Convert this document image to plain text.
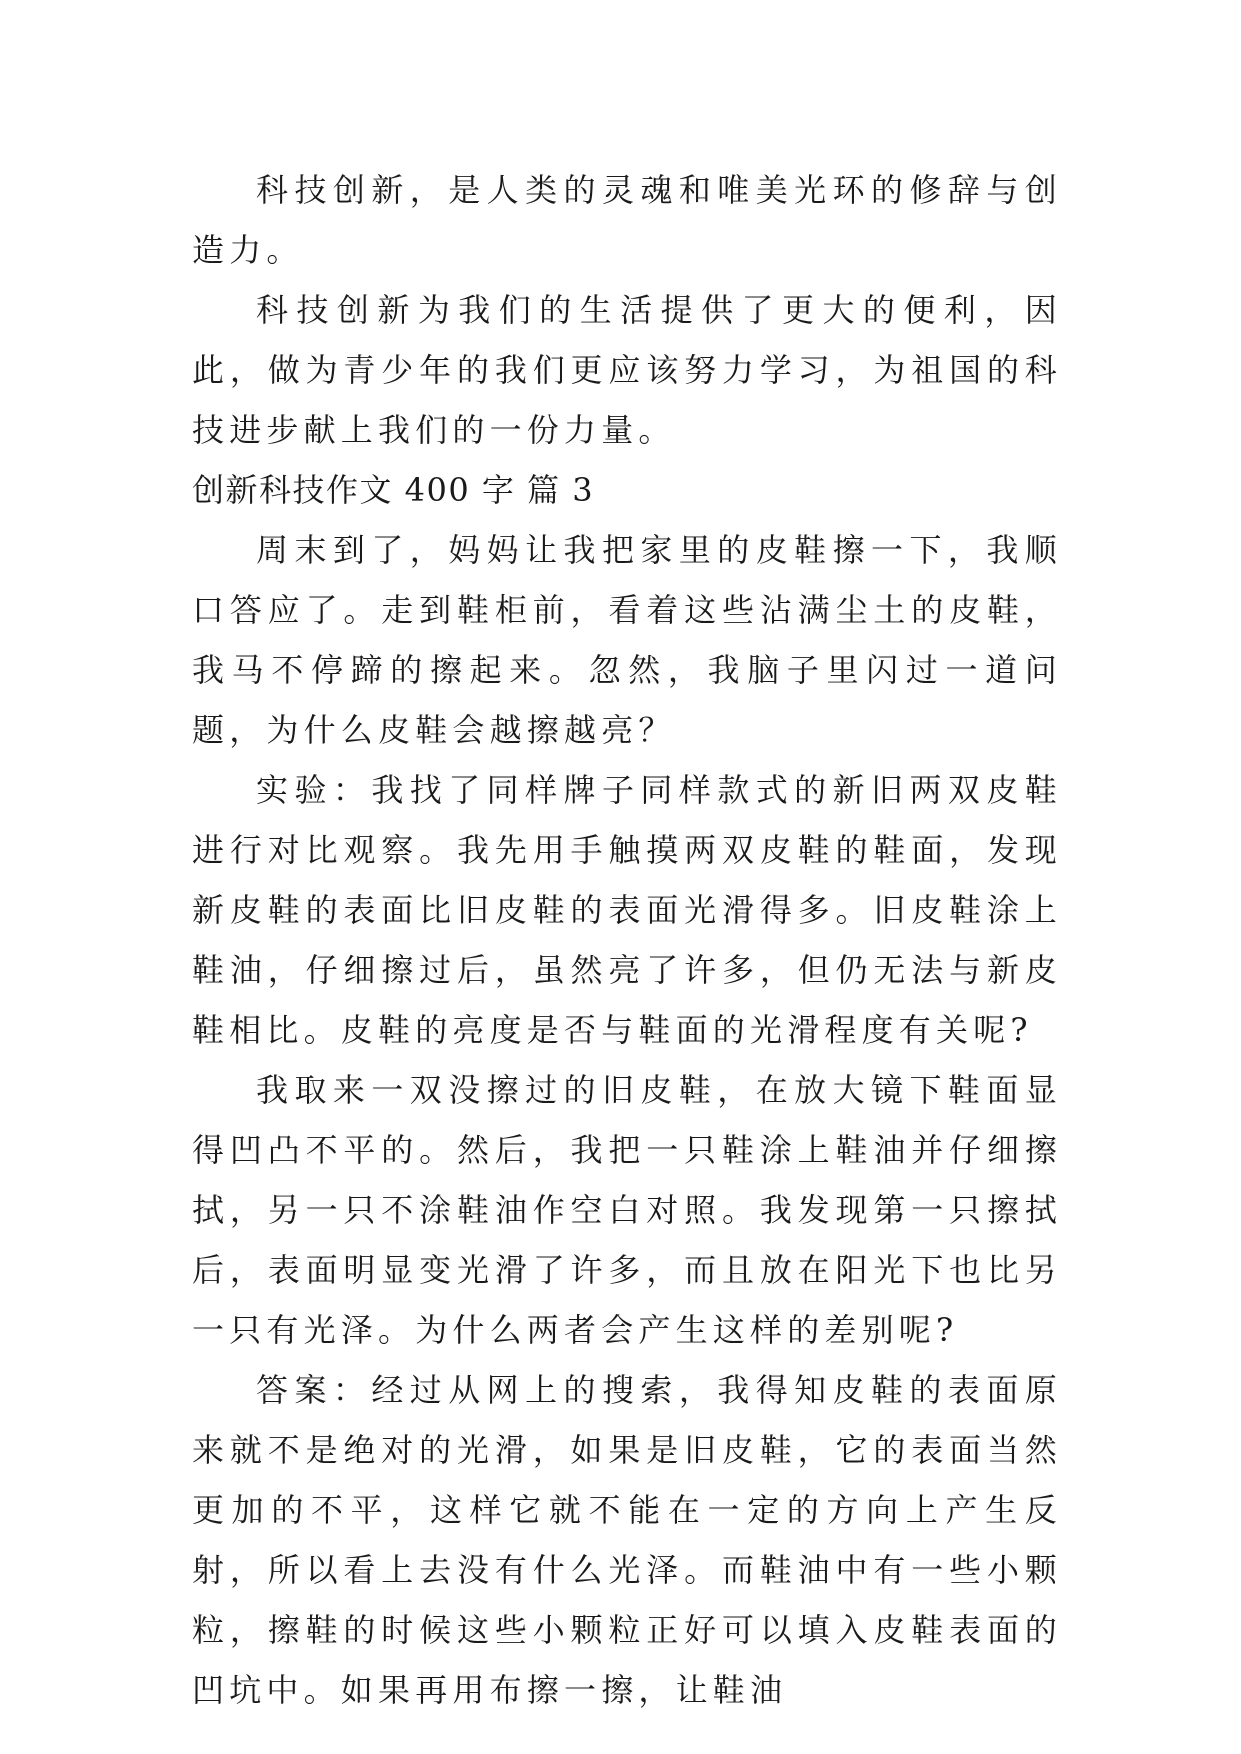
科技创新，是人类的灵魂和唯美光环的修辞与创造力。

科技创新为我们的生活提供了更大的便利，因此，做为青少年的我们更应该努力学习，为祖国的科技进步献上我们的一份力量。

创新科技作文 400 字 篇 3

周末到了，妈妈让我把家里的皮鞋擦一下，我顺口答应了。走到鞋柜前，看着这些沾满尘土的皮鞋，我马不停蹄的擦起来。忽然，我脑子里闪过一道问题，为什么皮鞋会越擦越亮？

实验：我找了同样牌子同样款式的新旧两双皮鞋进行对比观察。我先用手触摸两双皮鞋的鞋面，发现新皮鞋的表面比旧皮鞋的表面光滑得多。旧皮鞋涂上鞋油，仔细擦过后，虽然亮了许多，但仍无法与新皮鞋相比。皮鞋的亮度是否与鞋面的光滑程度有关呢?

我取来一双没擦过的旧皮鞋，在放大镜下鞋面显得凹凸不平的。然后，我把一只鞋涂上鞋油并仔细擦拭，另一只不涂鞋油作空白对照。我发现第一只擦拭后，表面明显变光滑了许多，而且放在阳光下也比另一只有光泽。为什么两者会产生这样的差别呢?

答案：经过从网上的搜索，我得知皮鞋的表面原来就不是绝对的光滑，如果是旧皮鞋，它的表面当然更加的不平，这样它就不能在一定的方向上产生反射，所以看上去没有什么光泽。而鞋油中有一些小颗粒，擦鞋的时候这些小颗粒正好可以填入皮鞋表面的凹坑中。如果再用布擦一擦，让鞋油
